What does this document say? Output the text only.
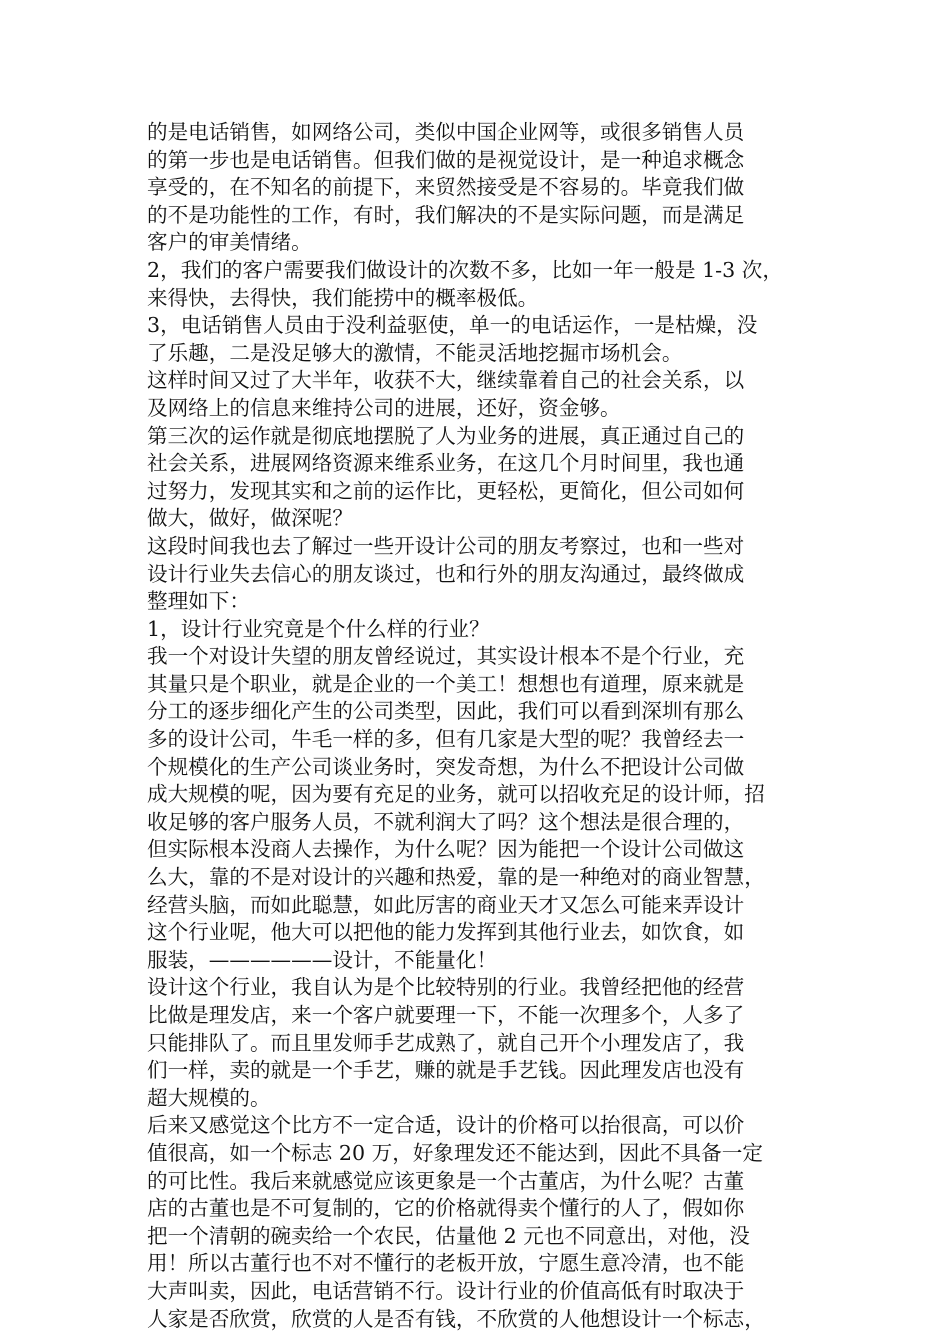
的是电话销售，如网络公司，类似中国企业网等，或很多销售人员
的第一步也是电话销售。但我们做的是视觉设计，是一种追求概念
享受的，在不知名的前提下，来贸然接受是不容易的。毕竟我们做
的不是功能性的工作，有时，我们解决的不是实际问题，而是满足
客户的审美情绪。
2，我们的客户需要我们做设计的次数不多，比如一年一般是 1-3 次，
来得快，去得快，我们能捞中的概率极低。
3，电话销售人员由于没利益驱使，单一的电话运作，一是枯燥，没
了乐趣，二是没足够大的激情，不能灵活地挖掘市场机会。
这样时间又过了大半年，收获不大，继续靠着自己的社会关系，以
及网络上的信息来维持公司的进展，还好，资金够。
第三次的运作就是彻底地摆脱了人为业务的进展，真正通过自己的
社会关系，进展网络资源来维系业务，在这几个月时间里，我也通
过努力，发现其实和之前的运作比，更轻松，更简化，但公司如何
做大，做好，做深呢？
这段时间我也去了解过一些开设计公司的朋友考察过，也和一些对
设计行业失去信心的朋友谈过，也和行外的朋友沟通过，最终做成
整理如下：
1，设计行业究竟是个什么样的行业？
我一个对设计失望的朋友曾经说过，其实设计根本不是个行业，充
其量只是个职业，就是企业的一个美工！想想也有道理，原来就是
分工的逐步细化产生的公司类型，因此，我们可以看到深圳有那么
多的设计公司，牛毛一样的多，但有几家是大型的呢？我曾经去一
个规模化的生产公司谈业务时，突发奇想，为什么不把设计公司做
成大规模的呢，因为要有充足的业务，就可以招收充足的设计师，招
收足够的客户服务人员，不就利润大了吗？这个想法是很合理的，
但实际根本没商人去操作，为什么呢？因为能把一个设计公司做这
么大，靠的不是对设计的兴趣和热爱，靠的是一种绝对的商业智慧，
经营头脑，而如此聪慧，如此厉害的商业天才又怎么可能来弄设计
这个行业呢，他大可以把他的能力发挥到其他行业去，如饮食，如
服装，——————设计，不能量化！
设计这个行业，我自认为是个比较特别的行业。我曾经把他的经营
比做是理发店，来一个客户就要理一下，不能一次理多个，人多了
只能排队了。而且里发师手艺成熟了，就自己开个小理发店了，我
们一样，卖的就是一个手艺，赚的就是手艺钱。因此理发店也没有
超大规模的。
后来又感觉这个比方不一定合适，设计的价格可以抬很高，可以价
值很高，如一个标志 20 万，好象理发还不能达到，因此不具备一定
的可比性。我后来就感觉应该更象是一个古董店，为什么呢？古董
店的古董也是不可复制的，它的价格就得卖个懂行的人了，假如你
把一个清朝的碗卖给一个农民，估量他 2 元也不同意出，对他，没
用！所以古董行也不对不懂行的老板开放，宁愿生意冷清，也不能
大声叫卖，因此，电话营销不行。设计行业的价值高低有时取决于
人家是否欣赏，欣赏的人是否有钱，不欣赏的人他想设计一个标志，
